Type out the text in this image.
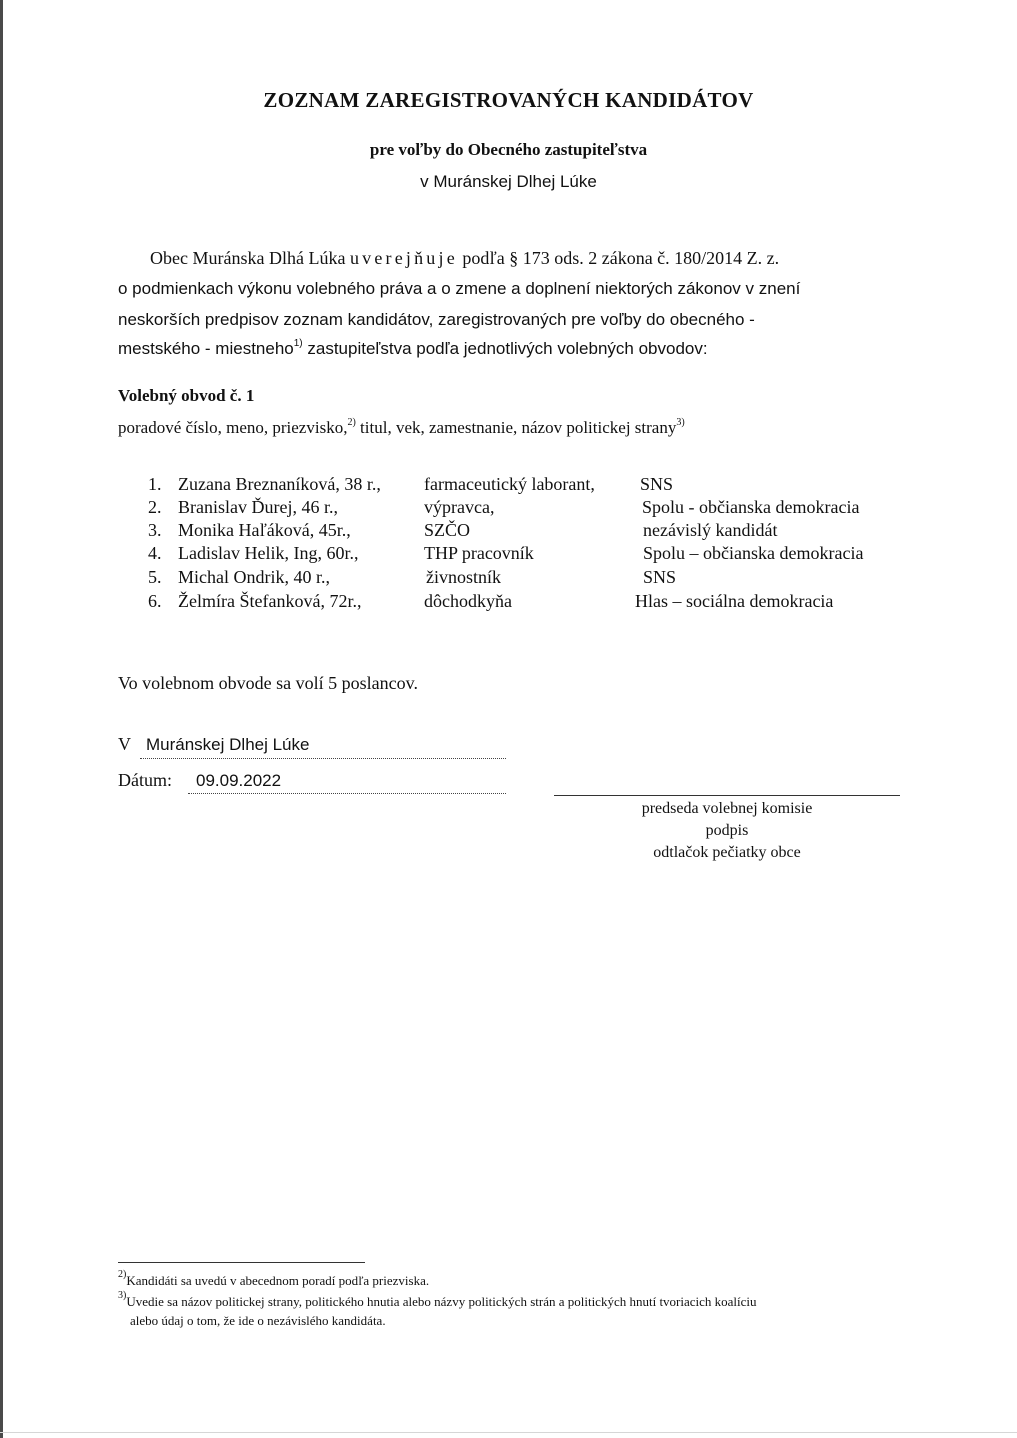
ZOZNAM ZAREGISTROVANÝCH KANDIDÁTOV
pre voľby do Obecného zastupiteľstva
v Muránskej Dlhej Lúke
Obec Muránska Dlhá Lúka uverejňuje podľa § 173 ods. 2 zákona č. 180/2014 Z. z.
o podmienkach výkonu volebného práva a o zmene a doplnení niektorých zákonov v znení
neskorších predpisov zoznam kandidátov, zaregistrovaných pre voľby do obecného -
mestského - miestneho$^{1)}$ zastupiteľstva podľa jednotlivých volebných obvodov:
Volebný obvod č. 1
poradové číslo, meno, priezvisko,$^{2)}$ titul, vek, zamestnanie, názov politickej strany$^{3)}$
1. Zuzana Breznaníková, 38 r., farmaceutický laborant,	SNS
2. Branislav Ďurej, 46 r.,	výpravca,	Spolu - občianska demokracia
3. Monika Haľáková, 45r.,	SZČO	nezávislý kandidát
4. Ladislav Helik, Ing, 60r.,	THP pracovník	Spolu – občianska demokracia
5. Michal Ondrik, 40 r.,	živnostník	SNS
6. Želmíra Štefanková, 72r.,	dôchodkyňa	Hlas – sociálna demokracia
Vo volebnom obvode sa volí 5 poslancov.
V Muránskej Dlhej Lúke
Dátum: 09.09.2022
predseda volebnej komisie
podpis
odtlačok pečiatky obce
$^{2)}$Kandidáti sa uvedú v abecednom poradí podľa priezviska.
$^{3)}$Uvedie sa názov politickej strany, politického hnutia alebo názvy politických strán a politických hnutí tvoriacich koalíciu
alebo údaj o tom, že ide o nezávislého kandidáta.
